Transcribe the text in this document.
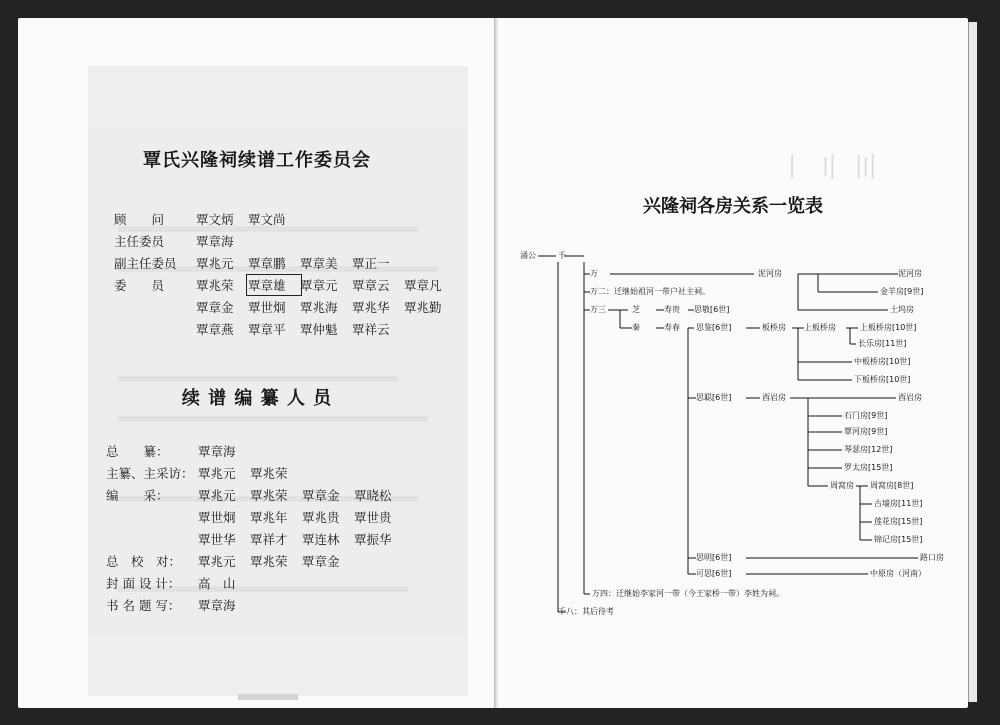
覃氏兴隆祠续谱工作委员会
顾　　问	覃文炳 覃文尚
主任委员	覃章海
副主任委员	覃兆元 覃章鹏 覃章美 覃正一
委　　员	覃兆荣 覃章雄 覃章元 覃章云 覃章凡
覃章金 覃世炯 覃兆海 覃兆华 覃兆勤
覃章燕 覃章平 覃仲魁 覃祥云
续 谱 编 纂 人 员
总　　纂：	覃章海
主纂、主采访： 覃兆元 覃兆荣
编　　采：	覃兆元 覃兆荣 覃章金 覃晓松
覃世炯 覃兆年 覃兆贵 覃世贵
覃世华 覃祥才 覃连林 覃振华
总　校　对：	覃兆元 覃兆荣 覃章金
封 面 设 计：	高　山
书 名 题 写：	覃章海
〡 〢 〣
兴隆祠各房关系一览表
涌公	千
万
万二：迁继始祖河一带户社主祠。
万三	芝	寿贵 思敬[6世]
秦	寿春 思鉴[6世]
思聪[6世]
思明[6世]
可思[6世]
万四：迁继始李家河一带（今王家桥一带）李姓为祠。
千八：其后待考
泥河房	泥河房
金羊房[9世]
土坞房
板桥房 上板桥房	上板桥房[10世]
长乐房[11世]
中板桥房[10世]
下板桥房[10世]
西岩房	西岩房
石门房[9世]
覃河房[9世]
琴瑟房[12世]
罗太房[15世]
周窝房 周窝房[8世]
古墙房[11世]
莲花房[15世]
锦记房[15世]
路口房
中原房（河南）
